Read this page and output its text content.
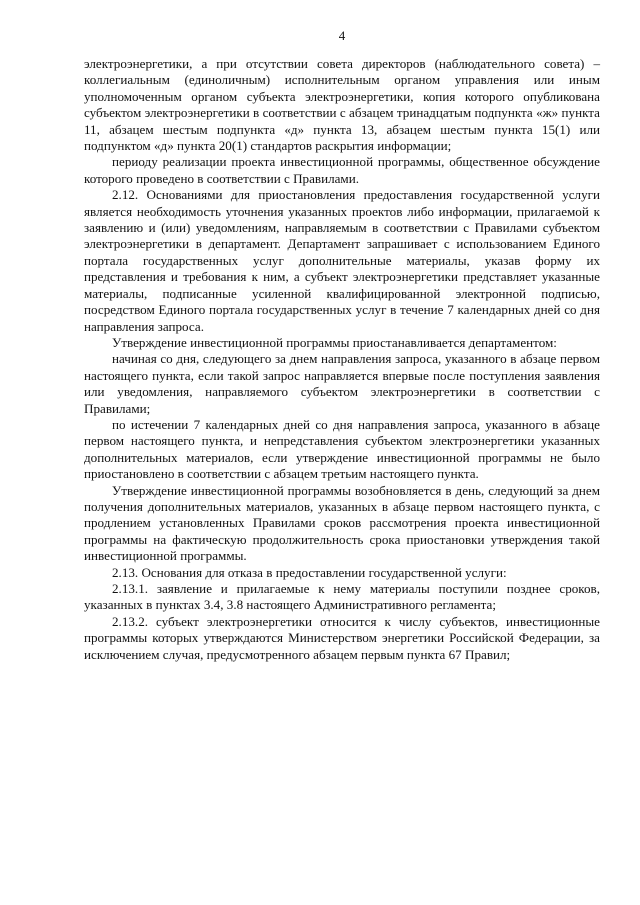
4

электроэнергетики, а при отсутствии совета директоров (наблюдательного совета) – коллегиальным (единоличным) исполнительным органом управления или иным уполномоченным органом субъекта электроэнергетики, копия которого опубликована субъектом электроэнергетики в соответствии с абзацем тринадцатым подпункта «ж» пункта 11, абзацем шестым подпункта «д» пункта 13, абзацем шестым пункта 15(1) или подпунктом «д» пункта 20(1) стандартов раскрытия информации;

периоду реализации проекта инвестиционной программы, общественное обсуждение которого проведено в соответствии с Правилами.

2.12. Основаниями для приостановления предоставления государственной услуги является необходимость уточнения указанных проектов либо информации, прилагаемой к заявлению и (или) уведомлениям, направляемым в соответствии с Правилами субъектом электроэнергетики в департамент. Департамент запрашивает с использованием Единого портала государственных услуг дополнительные материалы, указав форму их представления и требования к ним, а субъект электроэнергетики представляет указанные материалы, подписанные усиленной квалифицированной электронной подписью, посредством Единого портала государственных услуг в течение 7 календарных дней со дня направления запроса.

Утверждение инвестиционной программы приостанавливается департаментом:

начиная со дня, следующего за днем направления запроса, указанного в абзаце первом настоящего пункта, если такой запрос направляется впервые после поступления заявления или уведомления, направляемого субъектом электроэнергетики в соответствии с Правилами;

по истечении 7 календарных дней со дня направления запроса, указанного в абзаце первом настоящего пункта, и непредставления субъектом электроэнергетики указанных дополнительных материалов, если утверждение инвестиционной программы не было приостановлено в соответствии с абзацем третьим настоящего пункта.

Утверждение инвестиционной программы возобновляется в день, следующий за днем получения дополнительных материалов, указанных в абзаце первом настоящего пункта, с продлением установленных Правилами сроков рассмотрения проекта инвестиционной программы на фактическую продолжительность срока приостановки утверждения такой инвестиционной программы.

2.13. Основания для отказа в предоставлении государственной услуги:

2.13.1. заявление и прилагаемые к нему материалы поступили позднее сроков, указанных в пунктах 3.4, 3.8 настоящего Административного регламента;

2.13.2. субъект электроэнергетики относится к числу субъектов, инвестиционные программы которых утверждаются Министерством энергетики Российской Федерации, за исключением случая, предусмотренного абзацем первым пункта 67 Правил;
